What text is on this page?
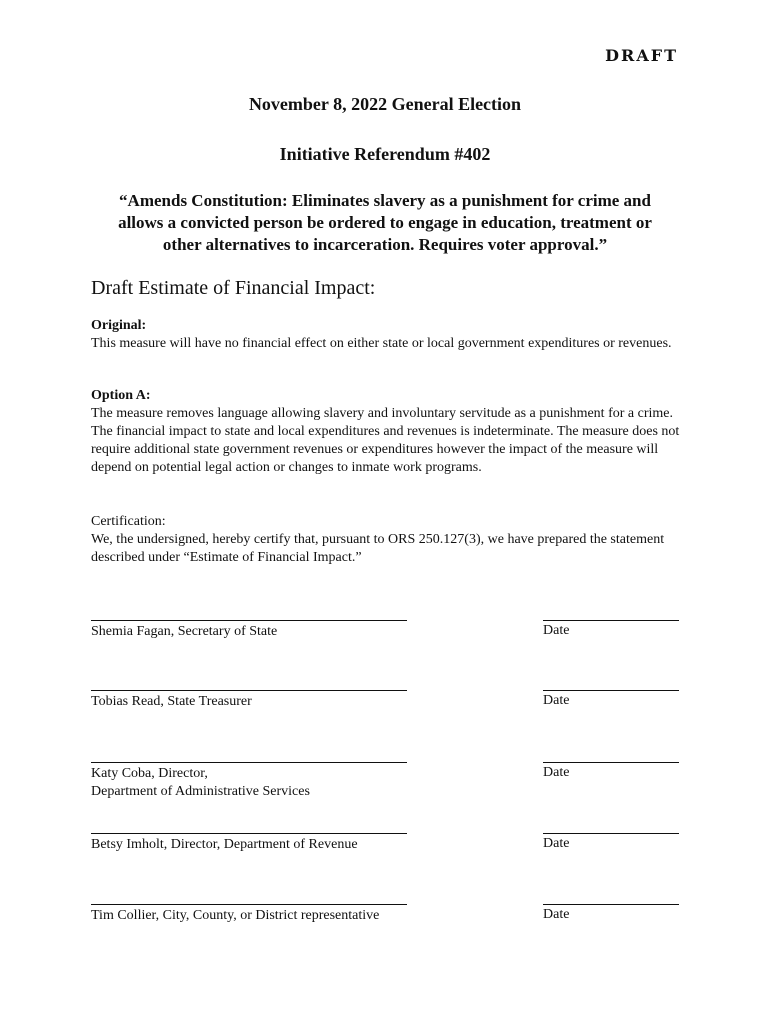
DRAFT
November 8, 2022 General Election
Initiative Referendum #402
“Amends Constitution: Eliminates slavery as a punishment for crime and allows a convicted person be ordered to engage in education, treatment or other alternatives to incarceration. Requires voter approval.”
Draft Estimate of Financial Impact:
Original:
This measure will have no financial effect on either state or local government expenditures or revenues.
Option A:
The measure removes language allowing slavery and involuntary servitude as a punishment for a crime. The financial impact to state and local expenditures and revenues is indeterminate. The measure does not require additional state government revenues or expenditures however the impact of the measure will depend on potential legal action or changes to inmate work programs.
Certification:
We, the undersigned, hereby certify that, pursuant to ORS 250.127(3), we have prepared the statement described under “Estimate of Financial Impact.”
Shemia Fagan, Secretary of State	Date
Tobias Read, State Treasurer	Date
Katy Coba, Director,
Department of Administrative Services
Date
Betsy Imholt, Director, Department of Revenue	Date
Tim Collier, City, County, or District representative	Date
